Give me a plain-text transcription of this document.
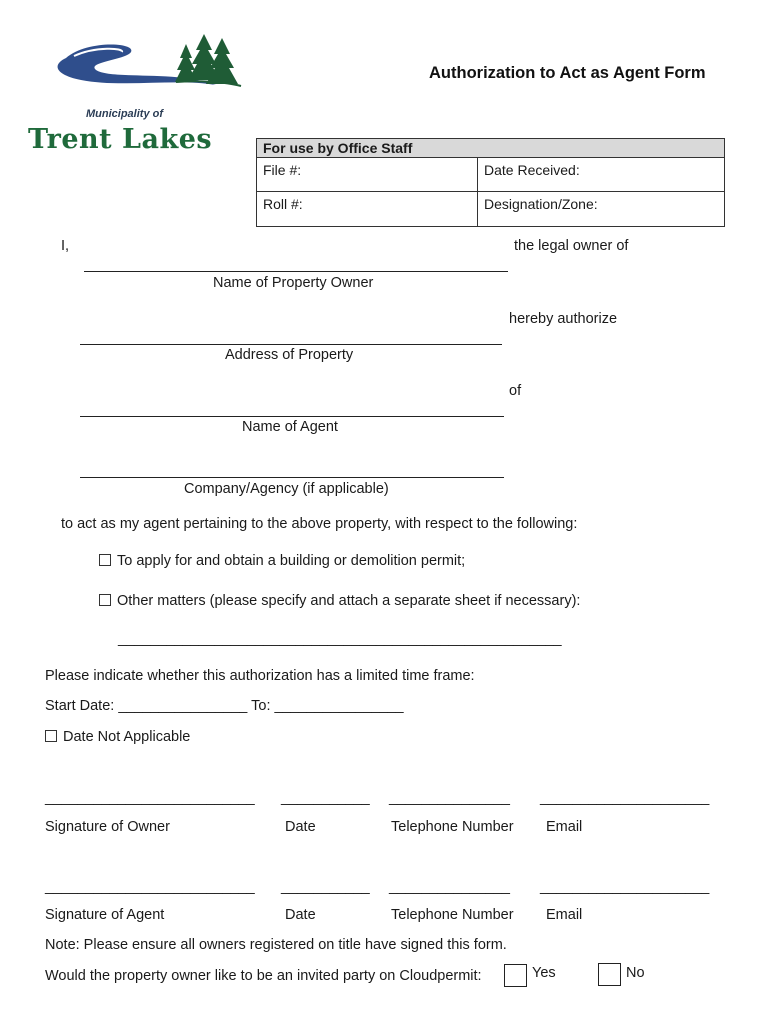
Municipality of
Trent Lakes
Authorization to Act as Agent Form
For use by Office Staff	
File #:	Date Received:
Roll #:	Designation/Zone:
I,	the legal owner of
Name of Property Owner
hereby authorize
Address of Property
of
Name of Agent
Company/Agency (if applicable)
to act as my agent pertaining to the above property, with respect to the following:
To apply for and obtain a building or demolition permit;
Other matters (please specify and attach a separate sheet if necessary):
_______________________________________________________
Please indicate whether this authorization has a limited time frame:
Start Date: ________________ To: ________________
Date Not Applicable
__________________________ ___________ _______________ _____________________
Signature of Owner	Date	Telephone Number Email
__________________________ ___________ _______________ _____________________
Signature of Agent	Date	Telephone Number Email
Note: Please ensure all owners registered on title have signed this form.
Would the property owner like to be an invited party on Cloudpermit:	Yes	No
